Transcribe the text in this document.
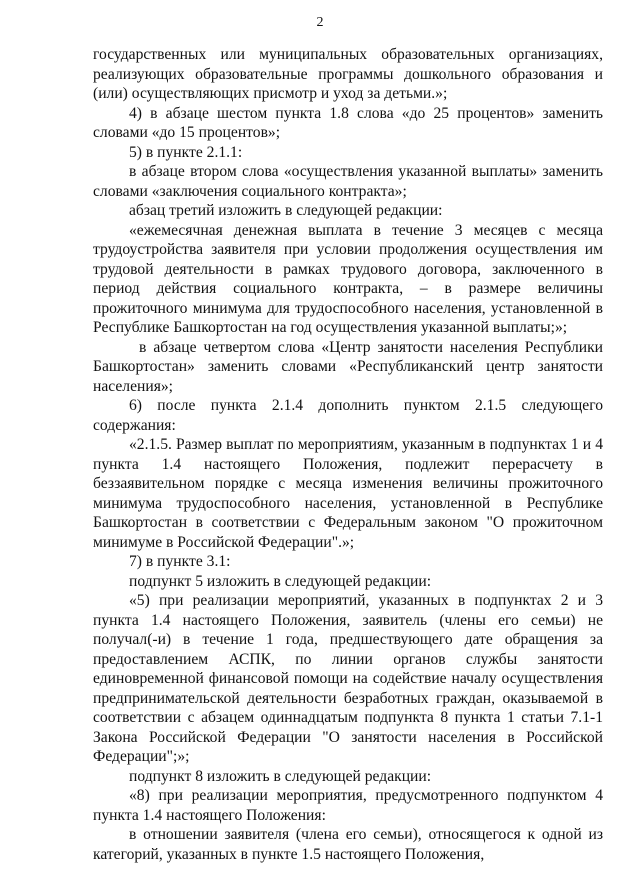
2

государственных или муниципальных образовательных организациях, реализующих образовательные программы дошкольного образования и (или) осуществляющих присмотр и уход за детьми.»;

4) в абзаце шестом пункта 1.8 слова «до 25 процентов» заменить словами «до 15 процентов»;

5) в пункте 2.1.1:

в абзаце втором слова «осуществления указанной выплаты» заменить словами «заключения социального контракта»;

абзац третий изложить в следующей редакции:

«ежемесячная денежная выплата в течение 3 месяцев с месяца трудоустройства заявителя при условии продолжения осуществления им трудовой деятельности в рамках трудового договора, заключенного в период действия социального контракта, – в размере величины прожиточного минимума для трудоспособного населения, установленной в Республике Башкортостан на год осуществления указанной выплаты;»;

в абзаце четвертом слова «Центр занятости населения Республики Башкортостан» заменить словами «Республиканский центр занятости населения»;

6) после пункта 2.1.4 дополнить пунктом 2.1.5 следующего содержания:

«2.1.5. Размер выплат по мероприятиям, указанным в подпунктах 1 и 4 пункта 1.4 настоящего Положения, подлежит перерасчету в беззаявительном порядке с месяца изменения величины прожиточного минимума трудоспособного населения, установленной в Республике Башкортостан в соответствии с Федеральным законом "О прожиточном минимуме в Российской Федерации".»;

7) в пункте 3.1:

подпункт 5 изложить в следующей редакции:

«5) при реализации мероприятий, указанных в подпунктах 2 и 3 пункта 1.4 настоящего Положения, заявитель (члены его семьи) не получал(-и) в течение 1 года, предшествующего дате обращения за предоставлением АСПК, по линии органов службы занятости единовременной финансовой помощи на содействие началу осуществления предпринимательской деятельности безработных граждан, оказываемой в соответствии с абзацем одиннадцатым подпункта 8 пункта 1 статьи 7.1-1 Закона Российской Федерации "О занятости населения в Российской Федерации";»;

подпункт 8 изложить в следующей редакции:

«8) при реализации мероприятия, предусмотренного подпунктом 4 пункта 1.4 настоящего Положения:

в отношении заявителя (члена его семьи), относящегося к одной из категорий, указанных в пункте 1.5 настоящего Положения,
